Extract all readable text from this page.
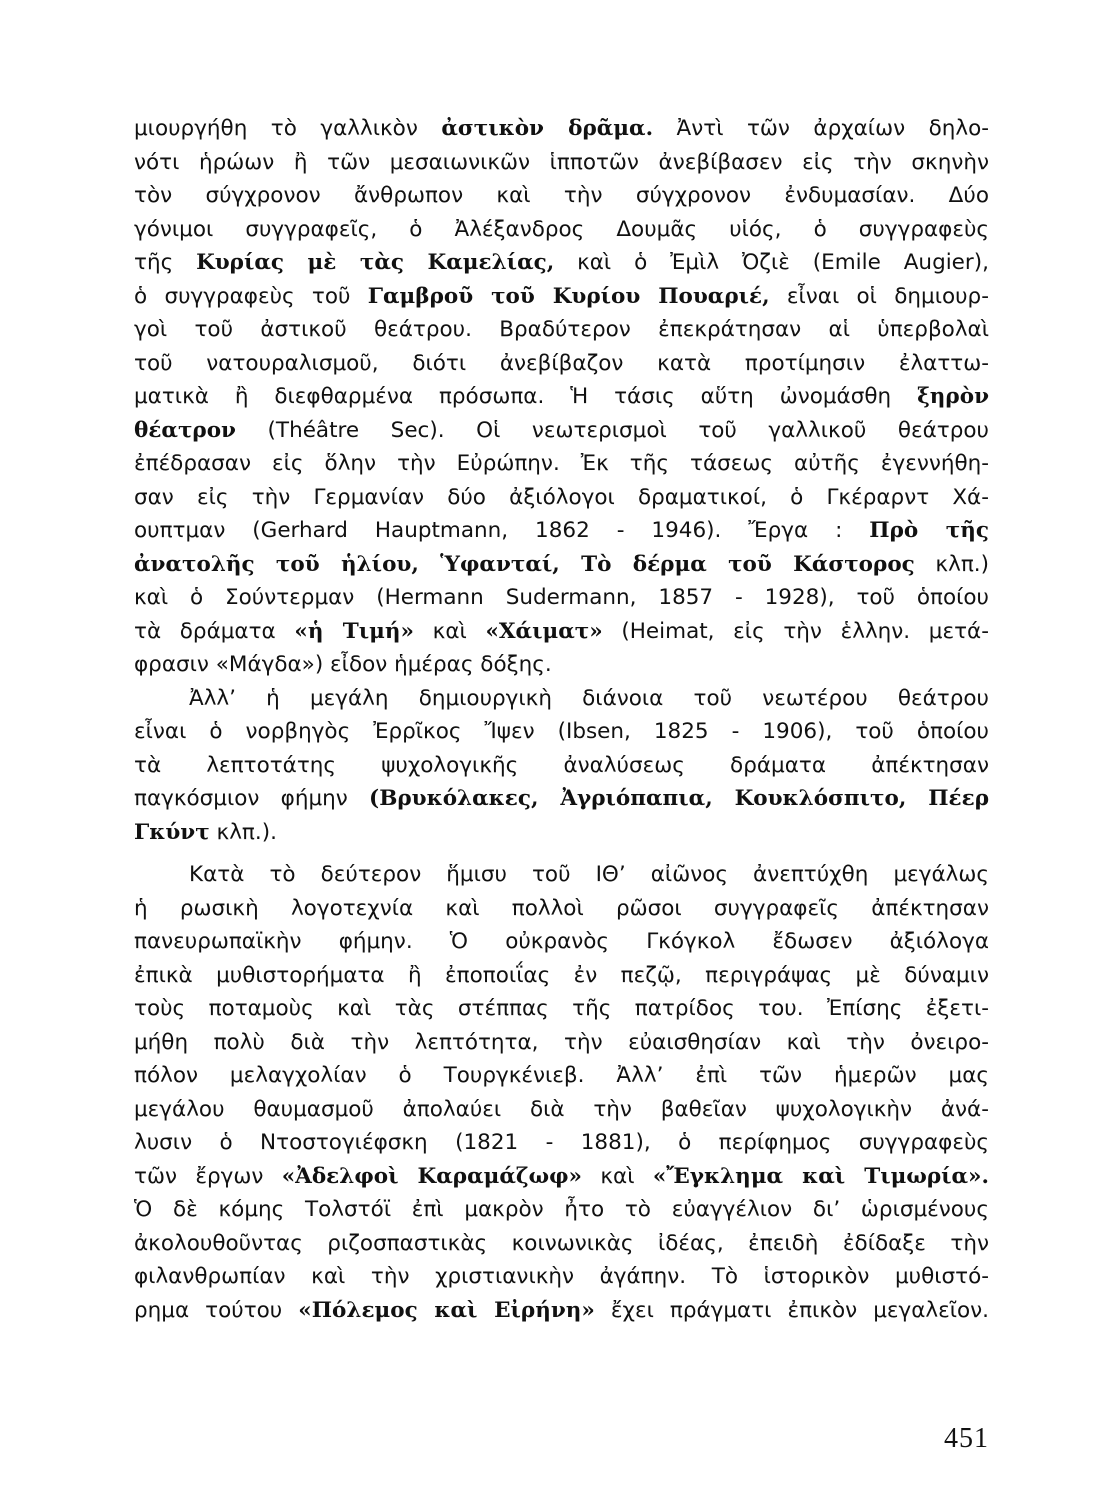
μιουργήθη τὸ γαλλικὸν ἀστικὸν δρᾶμα. Ἀντὶ τῶν ἀρχαίων δηλο-
νότι ἡρώων ἢ τῶν μεσαιωνικῶν ἱπποτῶν ἀνεβίβασεν εἰς τὴν σκηνὴν
τὸν σύγχρονον ἄνθρωπον καὶ τὴν σύγχρονον ἐνδυμασίαν. Δύο
γόνιμοι συγγραφεῖς, ὁ Ἀλέξανδρος Δουμᾶς υἱός, ὁ συγγραφεὺς
τῆς Κυρίας μὲ τὰς Καμελίας, καὶ ὁ Ἐμὶλ Ὀζιὲ (Emile Augier),
ὁ συγγραφεὺς τοῦ Γαμβροῦ τοῦ Κυρίου Πουαριέ, εἶναι οἱ δημιουρ-
γοὶ τοῦ ἀστικοῦ θεάτρου. Βραδύτερον ἐπεκράτησαν αἱ ὑπερβολαὶ
τοῦ νατουραλισμοῦ, διότι ἀνεβίβαζον κατὰ προτίμησιν ἐλαττω-
ματικὰ ἢ διεφθαρμένα πρόσωπα. Ἡ τάσις αὕτη ὠνομάσθη ξηρὸν
θέατρον (Théâtre Sec). Οἱ νεωτερισμοὶ τοῦ γαλλικοῦ θεάτρου
ἐπέδρασαν εἰς ὅλην τὴν Εὐρώπην. Ἐκ τῆς τάσεως αὐτῆς ἐγεννήθη-
σαν εἰς τὴν Γερμανίαν δύο ἀξιόλογοι δραματικοί, ὁ Γκέραρντ Χά-
ουπτμαν (Gerhard Hauptmann, 1862 - 1946). Ἔργα : Πρὸ τῆς
ἀνατολῆς τοῦ ἡλίου, Ὑφανταί, Τὸ δέρμα τοῦ Κάστορος κλπ.)
καὶ ὁ Σούντερμαν (Hermann Sudermann, 1857 - 1928), τοῦ ὁποίου
τὰ δράματα «ἡ Τιμή» καὶ «Χάιματ» (Heimat, εἰς τὴν ἑλλην. μετά-
φρασιν «Μάγδα») εἶδον ἡμέρας δόξης.
Ἀλλ’ ἡ μεγάλη δημιουργικὴ διάνοια τοῦ νεωτέρου θεάτρου
εἶναι ὁ νορβηγὸς Ἐρρῖκος Ἴψεν (Ibsen, 1825 - 1906), τοῦ ὁποίου
τὰ λεπτοτάτης ψυχολογικῆς ἀναλύσεως δράματα ἀπέκτησαν
παγκόσμιον φήμην (Βρυκόλακες, Ἀγριόπαπια, Κουκλόσπιτο, Πέερ
Γκύντ κλπ.).
Κατὰ τὸ δεύτερον ἥμισυ τοῦ ΙΘ’ αἰῶνος ἀνεπτύχθη μεγάλως
ἡ ρωσικὴ λογοτεχνία καὶ πολλοὶ ρῶσοι συγγραφεῖς ἀπέκτησαν
πανευρωπαϊκὴν φήμην. Ὁ οὐκρανὸς Γκόγκολ ἔδωσεν ἀξιόλογα
ἐπικὰ μυθιστορήματα ἢ ἐποποιΐας ἐν πεζῷ, περιγράψας μὲ δύναμιν
τοὺς ποταμοὺς καὶ τὰς στέππας τῆς πατρίδος του. Ἐπίσης ἐξετι-
μήθη πολὺ διὰ τὴν λεπτότητα, τὴν εὐαισθησίαν καὶ τὴν ὀνειρο-
πόλον μελαγχολίαν ὁ Τουργκένιεβ. Ἀλλ’ ἐπὶ τῶν ἡμερῶν μας
μεγάλου θαυμασμοῦ ἀπολαύει διὰ τὴν βαθεῖαν ψυχολογικὴν ἀνά-
λυσιν ὁ Ντοστογιέφσκη (1821 - 1881), ὁ περίφημος συγγραφεὺς
τῶν ἔργων «Ἀδελφοὶ Καραμάζωφ» καὶ «Ἔγκλημα καὶ Τιμωρία».
Ὁ δὲ κόμης Τολστόϊ ἐπὶ μακρὸν ἦτο τὸ εὐαγγέλιον δι’ ὡρισμένους
ἀκολουθοῦντας ριζοσπαστικὰς κοινωνικὰς ἰδέας, ἐπειδὴ ἐδίδαξε τὴν
φιλανθρωπίαν καὶ τὴν χριστιανικὴν ἀγάπην. Τὸ ἱστορικὸν μυθιστό-
ρημα τούτου «Πόλεμος καὶ Εἰρήνη» ἔχει πράγματι ἐπικὸν μεγαλεῖον.
451
